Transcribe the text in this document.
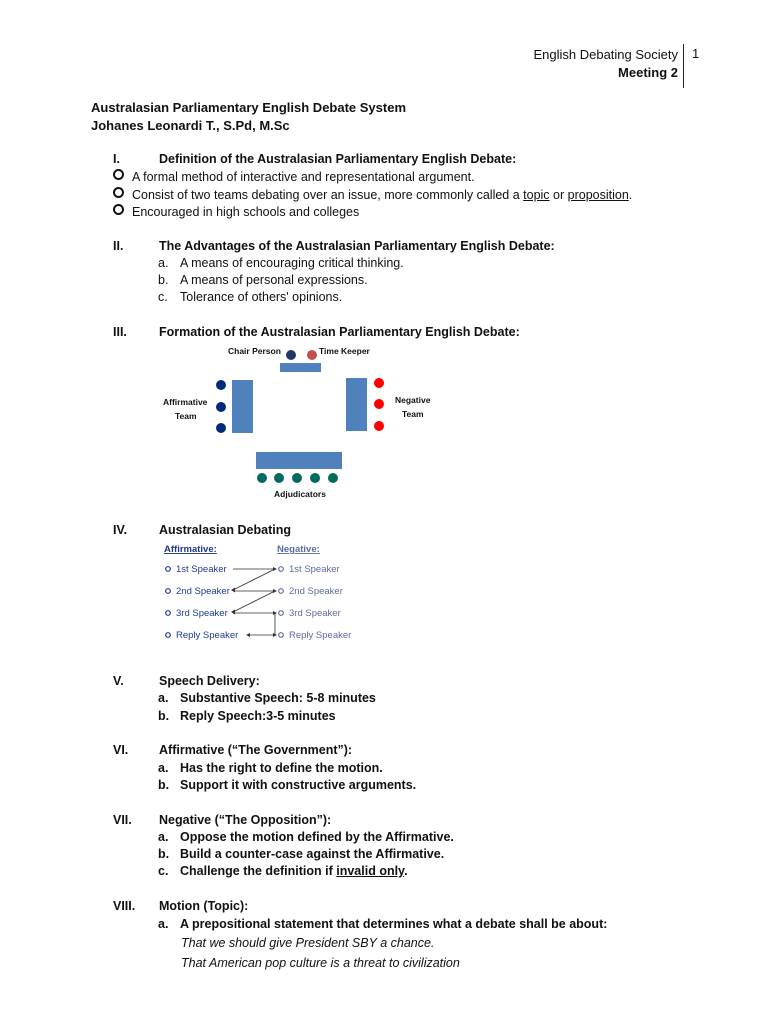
English Debating Society
Meeting 2
1
Australasian Parliamentary English Debate System
Johanes Leonardi T., S.Pd, M.Sc
I.	Definition of the Australasian Parliamentary English Debate:
A formal method of interactive and representational argument.
Consist of two teams debating over an issue, more commonly called a topic or proposition.
Encouraged in high schools and colleges
II.	The Advantages of the Australasian Parliamentary English Debate:
a. A means of encouraging critical thinking.
b. A means of personal expressions.
c. Tolerance of others' opinions.
III.	Formation of the Australasian Parliamentary English Debate:
Chair Person	Time Keeper
Affirmative
Team
Negative
Team
Adjudicators
IV.	Australasian Debating
Affirmative:	Negative:
1st Speaker
2nd Speaker
3rd Speaker
Reply Speaker
1st Speaker
2nd Speaker
3rd Speaker
Reply Speaker
V.	Speech Delivery:
a. Substantive Speech: 5-8 minutes
b. Reply Speech:3-5 minutes
VI. Affirmative (“The Government”):
a. Has the right to define the motion.
b. Support it with constructive arguments.
VII. Negative (“The Opposition”):
a. Oppose the motion defined by the Affirmative.
b. Build a counter-case against the Affirmative.
c. Challenge the definition if invalid only.
VIII. Motion (Topic):
a. A prepositional statement that determines what a debate shall be about:
That we should give President SBY a chance.
That American pop culture is a threat to civilization
